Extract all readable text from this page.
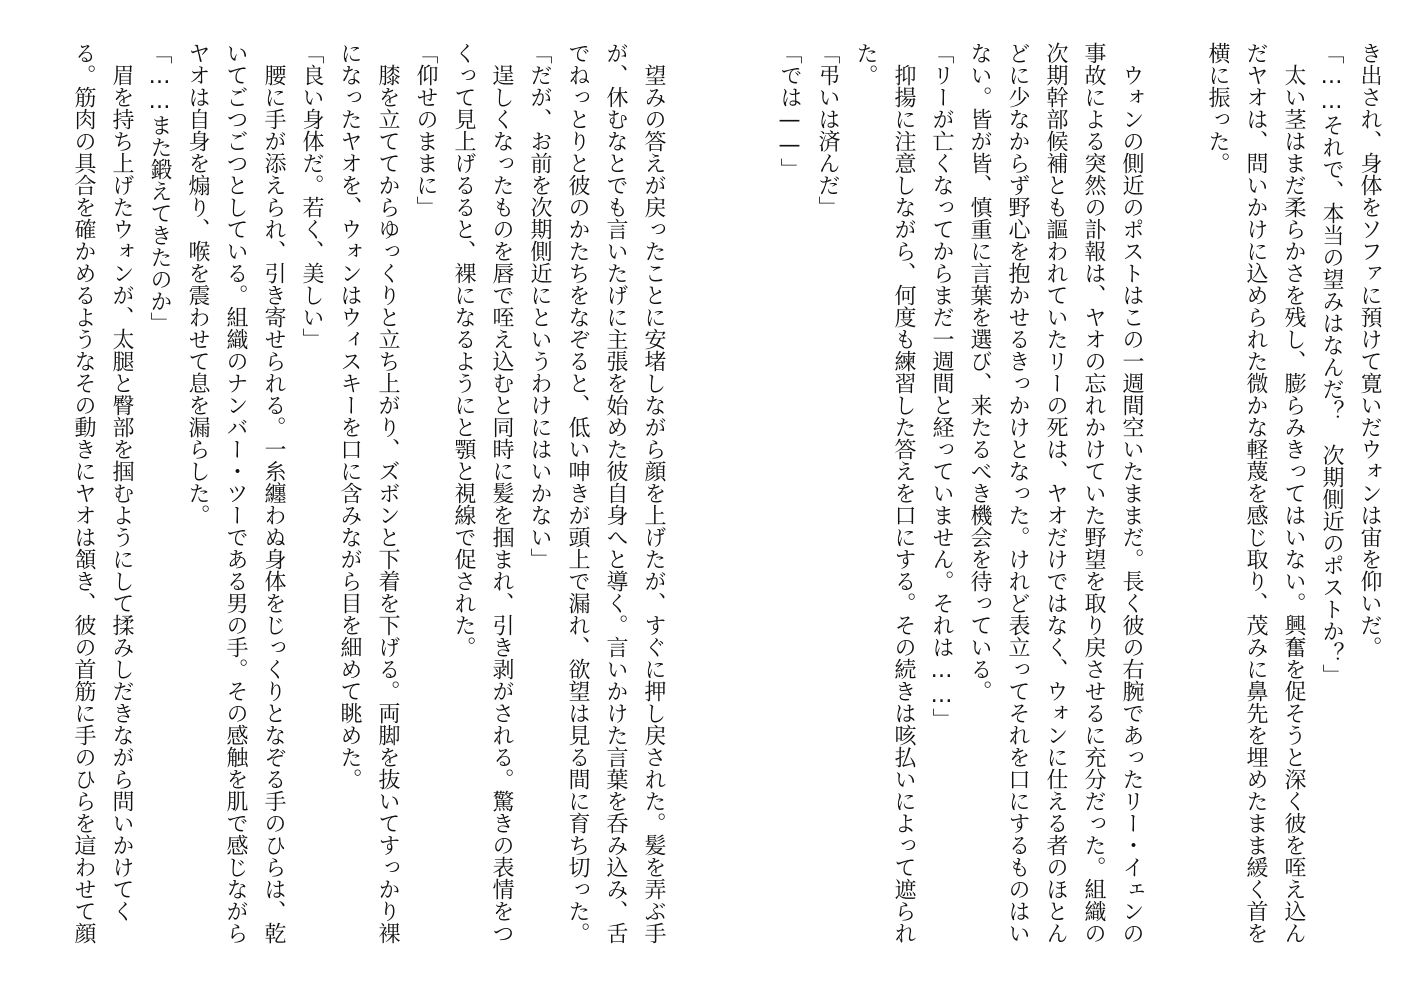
き出され、身体をソファに預けて寛いだウォンは宙を仰いだ。
「……それで、本当の望みはなんだ？　次期側近のポストか？」
　太い茎はまだ柔らかさを残し、膨らみきってはいない。興奮を促そうと深く彼を咥え込ん
だヤオは、問いかけに込められた微かな軽蔑を感じ取り、茂みに鼻先を埋めたまま緩く首を
横に振った。
　ウォンの側近のポストはこの一週間空いたままだ。長く彼の右腕であったリー・イェンの
事故による突然の訃報は、ヤオの忘れかけていた野望を取り戻させるに充分だった。組織の
次期幹部候補とも謳われていたリーの死は、ヤオだけではなく、ウォンに仕える者のほとん
どに少なからず野心を抱かせるきっかけとなった。けれど表立ってそれを口にするものはい
ない。皆が皆、慎重に言葉を選び、来たるべき機会を待っている。
「リーが亡くなってからまだ一週間と経っていません。それは……」
　抑揚に注意しながら、何度も練習した答えを口にする。その続きは咳払いによって遮られ
た。
「弔いは済んだ」
「では——」
　望みの答えが戻ったことに安堵しながら顔を上げたが、すぐに押し戻された。髪を弄ぶ手
が、休むなとでも言いたげに主張を始めた彼自身へと導く。言いかけた言葉を呑み込み、舌
でねっとりと彼のかたちをなぞると、低い呻きが頭上で漏れ、欲望は見る間に育ち切った。
「だが、お前を次期側近にというわけにはいかない」
　逞しくなったものを唇で咥え込むと同時に髪を掴まれ、引き剥がされる。驚きの表情をつ
くって見上げるると、裸になるようにと顎と視線で促された。
「仰せのままに」
　膝を立ててからゆっくりと立ち上がり、ズボンと下着を下げる。両脚を抜いてすっかり裸
になったヤオを、ウォンはウィスキーを口に含みながら目を細めて眺めた。
「良い身体だ。若く、美しい」
　腰に手が添えられ、引き寄せられる。一糸纏わぬ身体をじっくりとなぞる手のひらは、乾
いてごつごつとしている。組織のナンバー・ツーである男の手。その感触を肌で感じながら
ヤオは自身を煽り、喉を震わせて息を漏らした。
「……また鍛えてきたのか」
　眉を持ち上げたウォンが、太腿と臀部を掴むようにして揉みしだきながら問いかけてく
る。筋肉の具合を確かめるようなその動きにヤオは頷き、彼の首筋に手のひらを這わせて顔
